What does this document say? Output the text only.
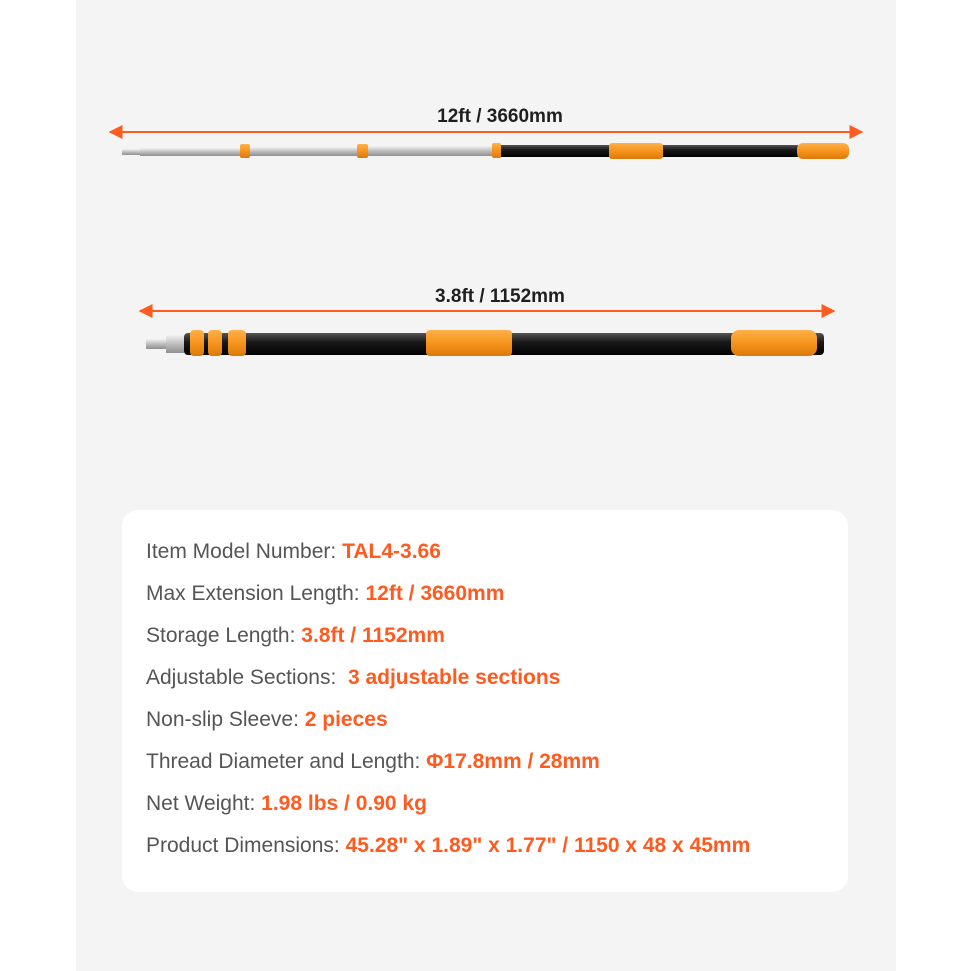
12ft / 3660mm
3.8ft / 1152mm
Item Model Number: TAL4-3.66
Max Extension Length: 12ft / 3660mm
Storage Length: 3.8ft / 1152mm
Adjustable Sections:  3 adjustable sections
Non-slip Sleeve: 2 pieces
Thread Diameter and Length: Φ17.8mm / 28mm
Net Weight: 1.98 lbs / 0.90 kg
Product Dimensions: 45.28" x 1.89" x 1.77" / 1150 x 48 x 45mm
